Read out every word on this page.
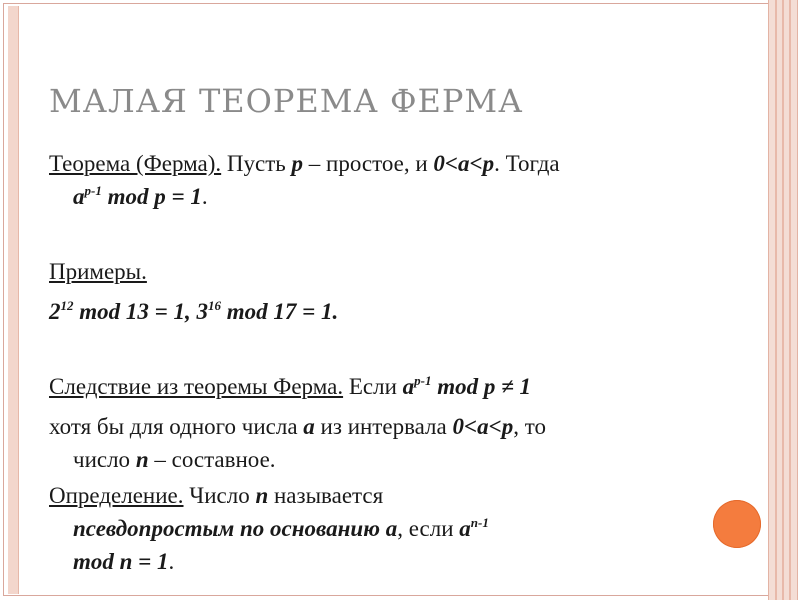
МАЛАЯ ТЕОРЕМА ФЕРМА
Теорема (Ферма). Пусть p – простое, и 0<a<p. Тогда
$a^{p-1}$ mod p = 1.
Примеры.
$2^{12}$ mod 13 = 1, $3^{16}$ mod 17 = 1.
Следствие из теоремы Ферма. Если $a^{p-1}$ mod p ≠ 1
хотя бы для одного числа a из интервала 0<a<p, то
число n – составное.
Определение. Число n называется
псевдопростым по основанию a, если $a^{n-1}$
mod n = 1.
